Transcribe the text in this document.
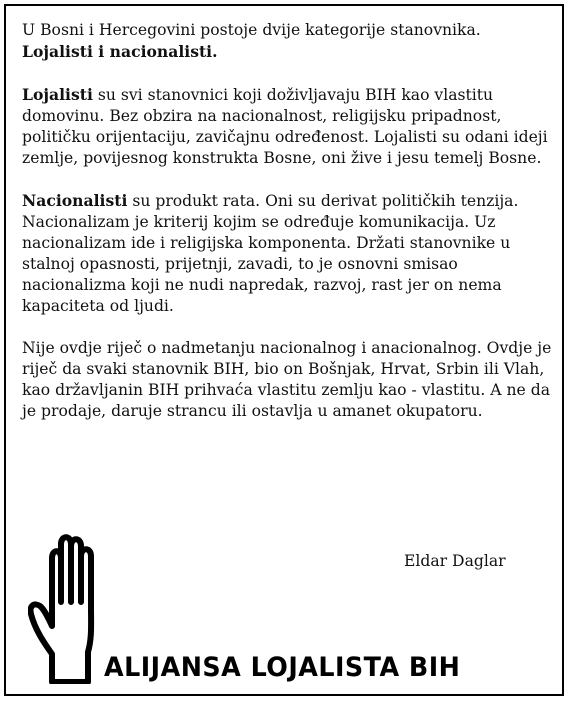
U Bosni i Hercegovini postoje dvije kategorije stanovnika.
Lojalisti i nacionalisti.

Lojalisti su svi stanovnici koji doživljavaju BIH kao vlastitu domovinu. Bez obzira na nacionalnost, religijsku pripadnost, političku orijentaciju, zavičajnu određenost. Lojalisti su odani ideji zemlje, povijesnog konstrukta Bosne, oni žive i jesu temelj Bosne.

Nacionalisti su produkt rata. Oni su derivat političkih tenzija. Nacionalizam je kriterij kojim se određuje komunikacija. Uz nacionalizam ide i religijska komponenta. Držati stanovnike u stalnoj opasnosti, prijetnji, zavadi, to je osnovni smisao nacionalizma koji ne nudi napredak, razvoj, rast jer on nema kapaciteta od ljudi.

Nije ovdje riječ o nadmetanju nacionalnog i anacionalnog. Ovdje je riječ da svaki stanovnik BIH, bio on Bošnjak, Hrvat, Srbin ili Vlah, kao državljanin BIH prihvaća vlastitu zemlju kao - vlastitu. A ne da je prodaje, daruje strancu ili ostavlja u amanet okupatoru.

Eldar Daglar
ALIJANSA LOJALISTA BIH
